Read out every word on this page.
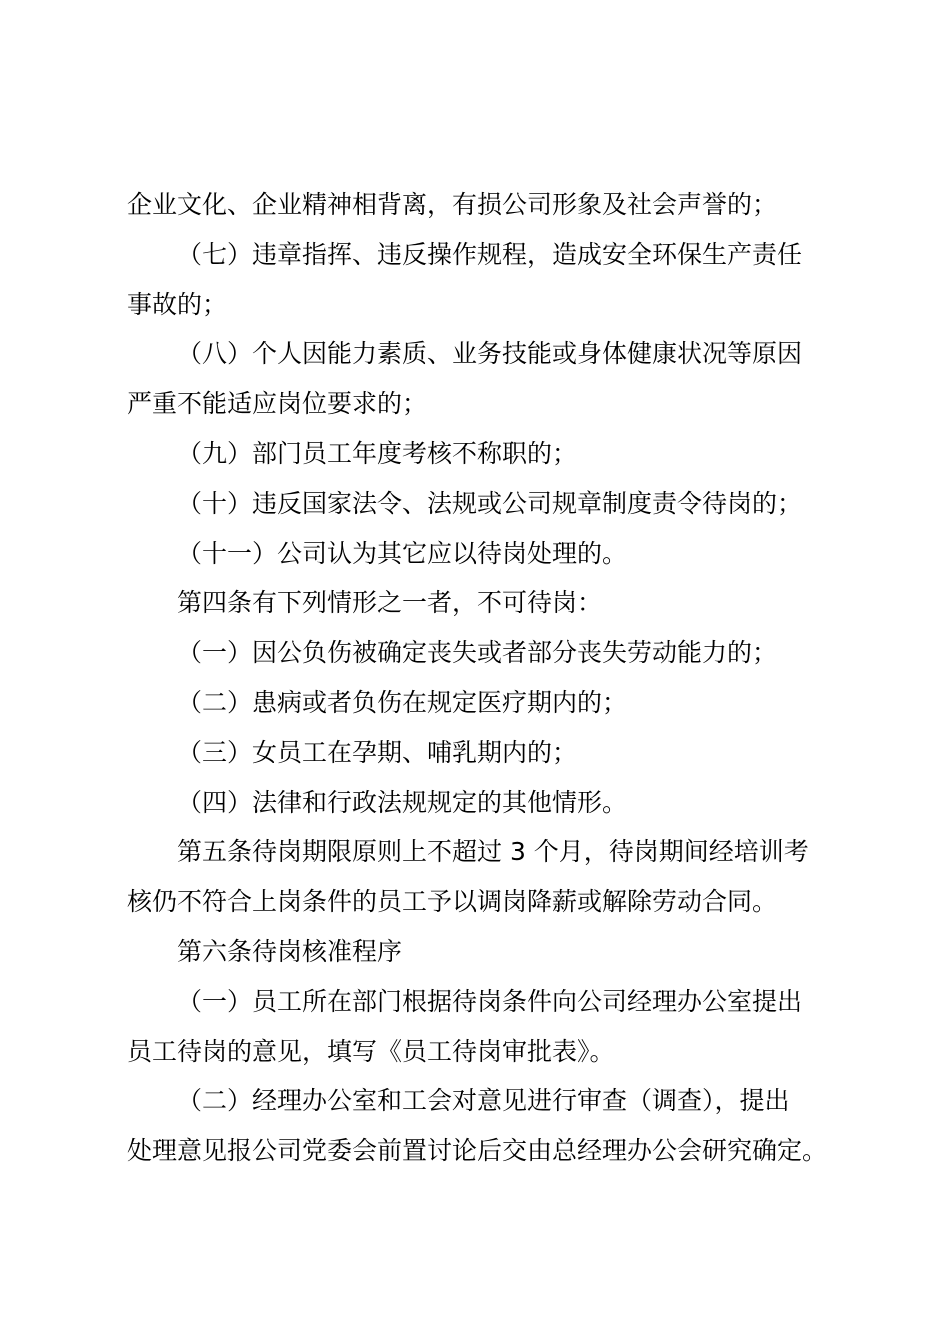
企业文化、企业精神相背离，有损公司形象及社会声誉的；

（七）违章指挥、违反操作规程，造成安全环保生产责任

事故的；

（八）个人因能力素质、业务技能或身体健康状况等原因

严重不能适应岗位要求的；

（九）部门员工年度考核不称职的；

（十）违反国家法令、法规或公司规章制度责令待岗的；

（十一）公司认为其它应以待岗处理的。

第四条有下列情形之一者，不可待岗：

（一）因公负伤被确定丧失或者部分丧失劳动能力的；

（二）患病或者负伤在规定医疗期内的；

（三）女员工在孕期、哺乳期内的；

（四）法律和行政法规规定的其他情形。

第五条待岗期限原则上不超过 3 个月，待岗期间经培训考

核仍不符合上岗条件的员工予以调岗降薪或解除劳动合同。

第六条待岗核准程序

（一）员工所在部门根据待岗条件向公司经理办公室提出

员工待岗的意见，填写《员工待岗审批表》。

（二）经理办公室和工会对意见进行审查（调查），提出

处理意见报公司党委会前置讨论后交由总经理办公会研究确定。
